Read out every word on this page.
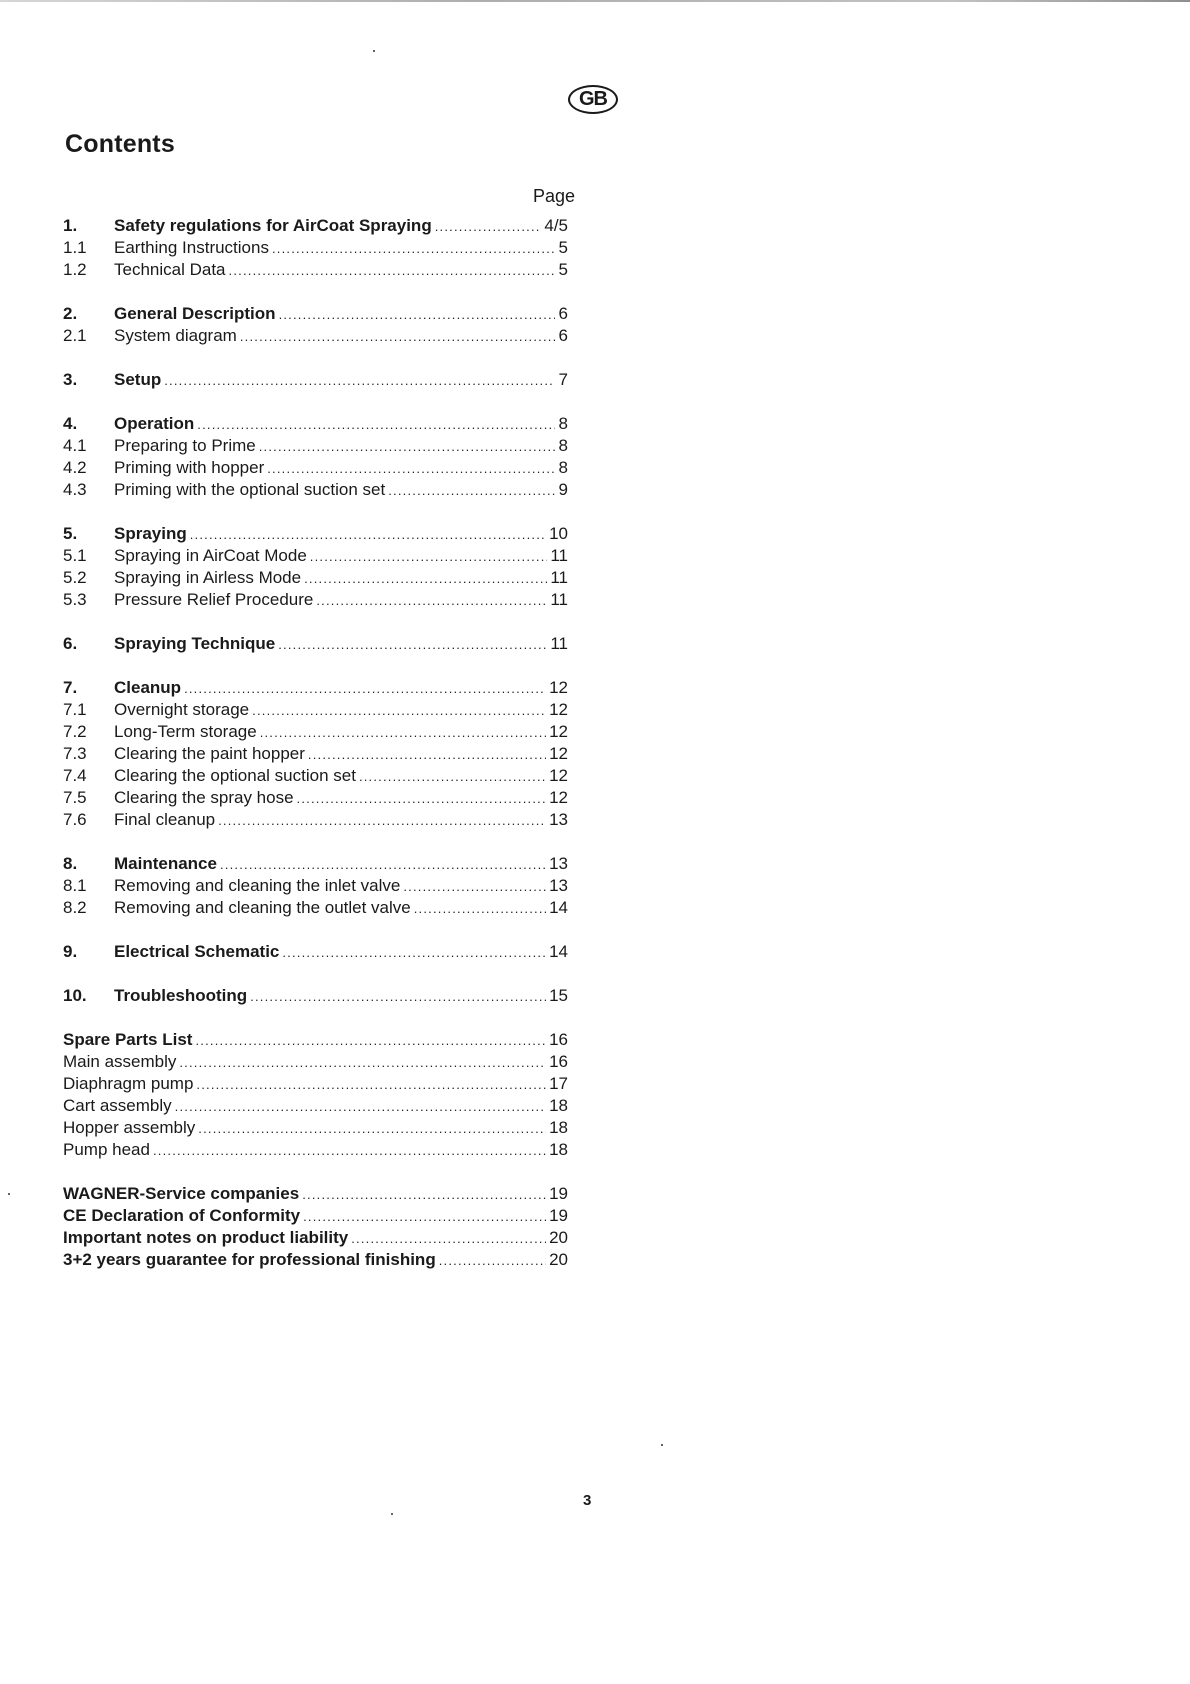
GB
Contents
Page
1.	Safety regulations for AirCoat Spraying .....	4/5
1.1	Earthing Instructions .....	5
1.2	Technical Data .....	5
2.	General Description .....	6
2.1	System diagram .....	6
3.	Setup .....	7
4.	Operation .....	8
4.1	Preparing to Prime .....	8
4.2	Priming with hopper .....	8
4.3	Priming with the optional suction set .....	9
5.	Spraying .....	10
5.1	Spraying in AirCoat Mode .....	11
5.2	Spraying in Airless Mode .....	11
5.3	Pressure Relief Procedure .....	11
6.	Spraying Technique .....	11
7.	Cleanup .....	12
7.1	Overnight storage .....	12
7.2	Long-Term storage .....	12
7.3	Clearing the paint hopper .....	12
7.4	Clearing the optional suction set .....	12
7.5	Clearing the spray hose .....	12
7.6	Final cleanup .....	13
8.	Maintenance .....	13
8.1	Removing and cleaning the inlet valve .....	13
8.2	Removing and cleaning the outlet valve .....	14
9.	Electrical Schematic .....	14
10.	Troubleshooting .....	15
Spare Parts List .....	16
Main assembly .....	16
Diaphragm pump .....	17
Cart assembly .....	18
Hopper assembly .....	18
Pump head .....	18
WAGNER-Service companies .....	19
CE Declaration of Conformity .....	19
Important notes on product liability .....	20
3+2 years guarantee for professional finishing .....	20
3
